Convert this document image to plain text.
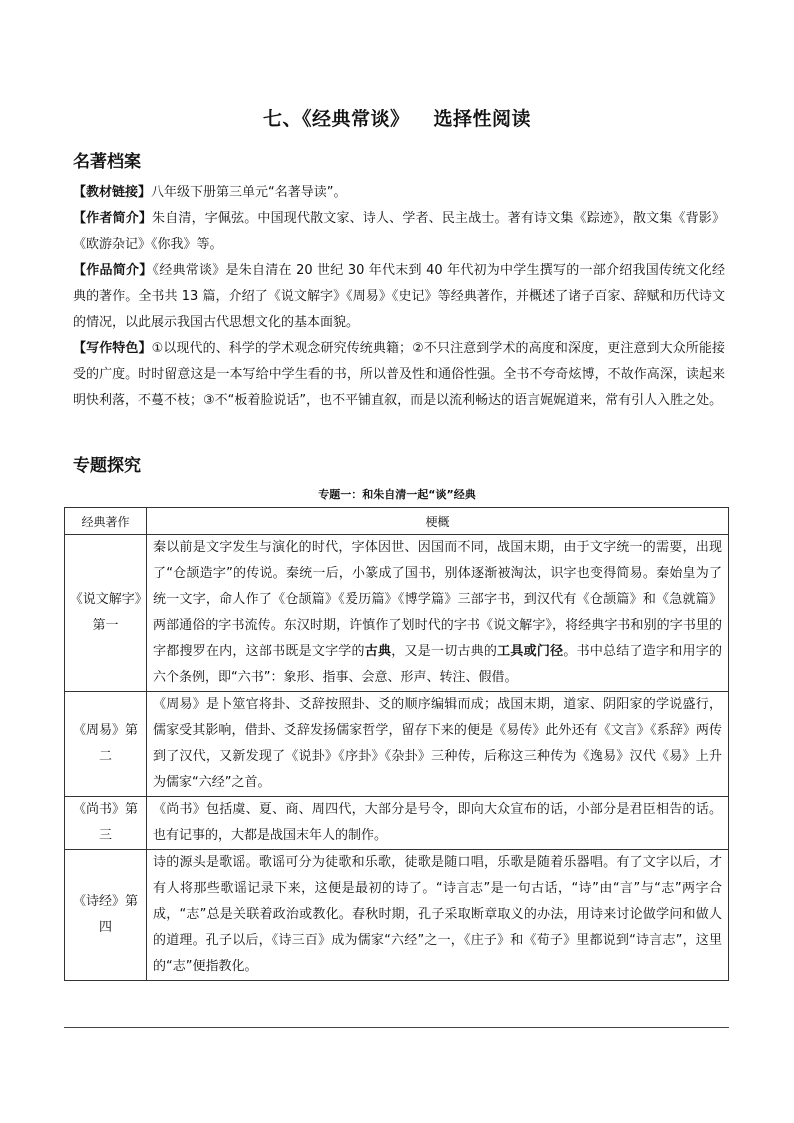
七、《经典常谈》 选择性阅读
名著档案
【教材链接】八年级下册第三单元“名著导读”。
【作者简介】朱自清，字佩弦。中国现代散文家、诗人、学者、民主战士。著有诗文集《踪迹》，散文集《背影》《欧游杂记》《你我》等。
【作品简介】《经典常谈》是朱自清在 20 世纪 30 年代末到 40 年代初为中学生撰写的一部介绍我国传统文化经典的著作。全书共 13 篇，介绍了《说文解字》《周易》《史记》等经典著作，并概述了诸子百家、辞赋和历代诗文的情况，以此展示我国古代思想文化的基本面貌。
【写作特色】①以现代的、科学的学术观念研究传统典籍；②不只注意到学术的高度和深度，更注意到大众所能接受的广度。时时留意这是一本写给中学生看的书，所以普及性和通俗性强。全书不夸奇炫博，不故作高深，读起来明快利落，不蔓不枝；③不“板着脸说话”，也不平铺直叙，而是以流利畅达的语言娓娓道来，常有引人入胜之处。
专题探究
专题一：和朱自清一起“谈”经典
经典著作	梗概
《说文解字》第一	秦以前是文字发生与演化的时代，字体因世、因国而不同，战国末期，由于文字统一的需要，出现了“仓颉造字”的传说。秦统一后，小篆成了国书，别体逐渐被淘汰，识字也变得简易。秦始皇为了统一文字，命人作了《仓颉篇》《爰历篇》《博学篇》三部字书，到汉代有《仓颉篇》和《急就篇》两部通俗的字书流传。东汉时期，许慎作了划时代的字书《说文解字》，将经典字书和别的字书里的字都搜罗在内，这部书既是文字学的古典，又是一切古典的工具或门径。书中总结了造字和用字的六个条例，即“六书”：象形、指事、会意、形声、转注、假借。
《周易》第二	《周易》是卜筮官将卦、爻辞按照卦、爻的顺序编辑而成；战国末期，道家、阴阳家的学说盛行，儒家受其影响，借卦、爻辞发扬儒家哲学，留存下来的便是《易传》此外还有《文言》《系辞》两传到了汉代，又新发现了《说卦》《序卦》《杂卦》三种传，后称这三种传为《逸易》汉代《易》上升为儒家“六经”之首。
《尚书》第三	《尚书》包括虞、夏、商、周四代，大部分是号令，即向大众宣布的话，小部分是君臣相告的话。也有记事的，大都是战国末年人的制作。
《诗经》第四	诗的源头是歌谣。歌谣可分为徒歌和乐歌，徒歌是随口唱，乐歌是随着乐器唱。有了文字以后，才有人将那些歌谣记录下来，这便是最初的诗了。“诗言志”是一句古话，“诗”由“言”与“志”两字合成，“志”总是关联着政治或教化。春秋时期，孔子采取断章取义的办法，用诗来讨论做学问和做人的道理。孔子以后，《诗三百》成为儒家“六经”之一，《庄子》和《荀子》里都说到“诗言志”，这里的“志”便指教化。
